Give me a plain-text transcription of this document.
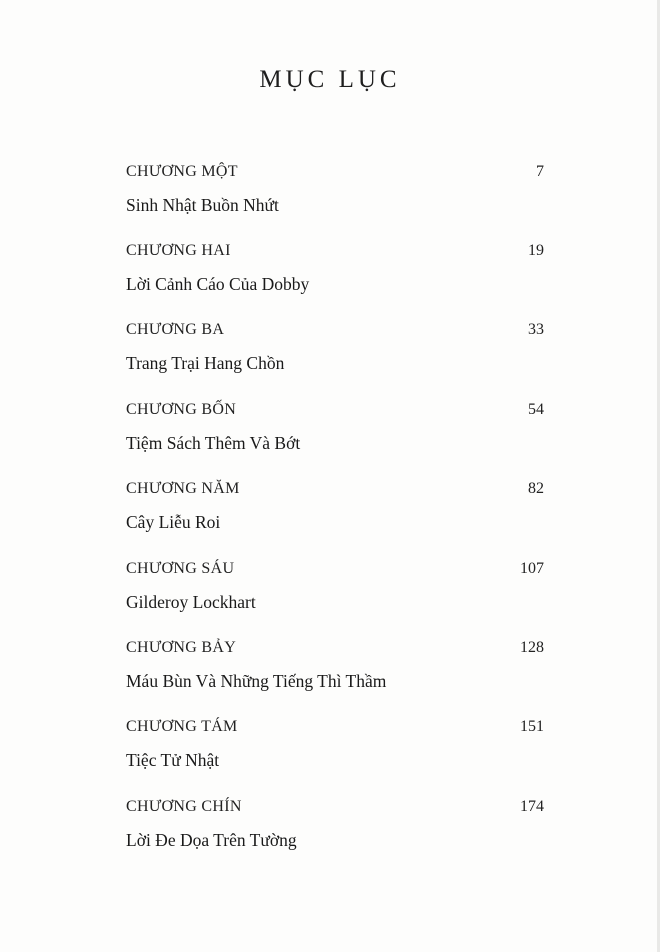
MỤC LỤC
CHƯƠNG MỘT	7
Sinh Nhật Buồn Nhứt
CHƯƠNG HAI	19
Lời Cảnh Cáo Của Dobby
CHƯƠNG BA	33
Trang Trại Hang Chồn
CHƯƠNG BỐN	54
Tiệm Sách Thêm Và Bớt
CHƯƠNG NĂM	82
Cây Liễu Roi
CHƯƠNG SÁU	107
Gilderoy Lockhart
CHƯƠNG BẢY	128
Máu Bùn Và Những Tiếng Thì Thầm
CHƯƠNG TÁM	151
Tiệc Tử Nhật
CHƯƠNG CHÍN	174
Lời Đe Dọa Trên Tường
